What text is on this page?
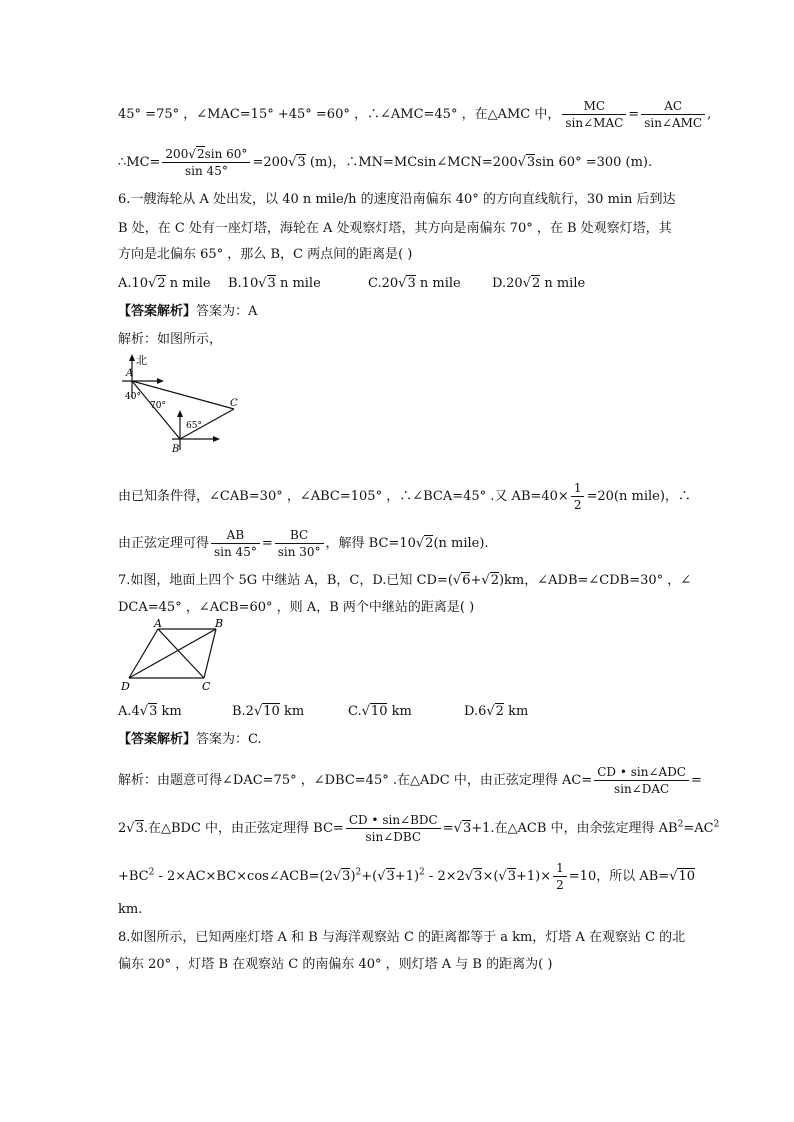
45° =75° ，∠MAC=15° +45° =60° ，∴∠AMC=45° ，在△AMC 中， $\frac{MC}{\text{sin∠MAC}} = \frac{AC}{\text{sin∠AMC}}$ ,
∴MC= $\frac{200√2\sin 60^\circ}{\sin 45^\circ} =200√3$ (m)，∴MN=MCsin∠MCN=200√3sin 60° =300 (m).
6.一艘海轮从 A 处出发，以 40 n mile/h 的速度沿南偏东 40° 的方向直线航行，30 min 后到达
B 处，在 C 处有一座灯塔，海轮在 A 处观察灯塔，其方向是南偏东 70° ，在 B 处观察灯塔，其
方向是北偏东 65° ，那么 B，C 两点间的距离是( )
A.10√2 n mile B.10√3 n mile	C.20√3 n mile D.20√2 n mile
【答案解析】答案为：A
解析：如图所示，
北
A
40°
70°
65°
C
B
由已知条件得，∠CAB=30° ，∠ABC=105° ，∴∠BCA=45° .又 $AB=40\times \frac{1}{2} =20(n$ mile)，∴
由正弦定理可得 $\frac{AB}{\sin 45^\circ} = \frac{BC}{\sin 30^\circ}$ ，解得 BC=10√2(n mile).
7.如图，地面上四个 5G 中继站 A，B，C，D.已知 CD=(√6+√2)km，∠ADB=∠CDB=30° ，∠
DCA=45° ，∠ACB=60° ，则 A，B 两个中继站的距离是( )
A	B
D	C
A.4√3 km	B.2√10 km	C.√10 km	D.6√2 km
【答案解析】答案为：C.
解析：由题意可得∠DAC=75° ，∠DBC=45° .在△ADC 中，由正弦定理得 $AC= \frac{\text{CD • sin∠ADC}}{\text{sin∠DAC}}$ =
2√3.在△BDC 中，由正弦定理得 $BC= \frac{\text{CD • sin∠BDC}}{\text{sin∠DBC}} =√3+1$.在△ACB 中，由余弦定理得 $AB^2=AC^2$
$+BC^2$ - $2\times AC\times BC\times\cos\angle ACB=(2√3)^2+(√3+1)^2 - 2\times 2√3\times(√3+1)\times \frac{1}{2} =10$，所以 AB=√10
km.
8.如图所示，已知两座灯塔 A 和 B 与海洋观察站 C 的距离都等于 a km，灯塔 A 在观察站 C 的北
偏东 20° ，灯塔 B 在观察站 C 的南偏东 40° ，则灯塔 A 与 B 的距离为( )
